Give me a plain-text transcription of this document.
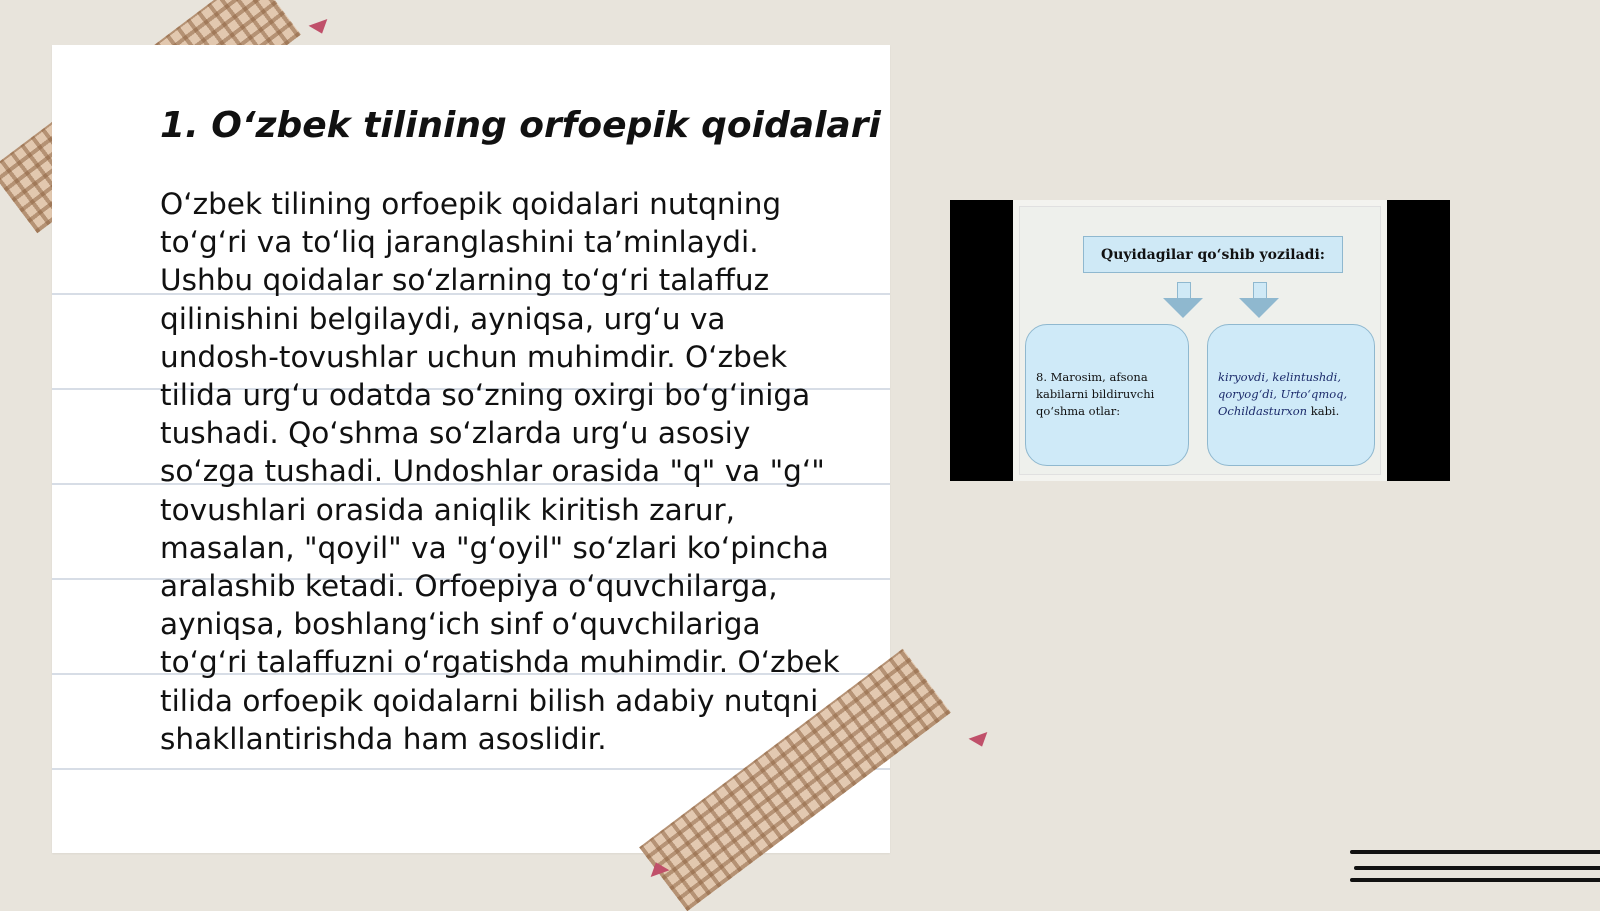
1. O‘zbek tilining orfoepik qoidalari
O‘zbek tilining orfoepik qoidalari nutqning
to‘g‘ri va to‘liq jaranglashini ta’minlaydi.
Ushbu qoidalar so‘zlarning to‘g‘ri talaffuz
qilinishini belgilaydi, ayniqsa, urg‘u va
undosh-tovushlar uchun muhimdir. O‘zbek
tilida urg‘u odatda so‘zning oxirgi bo‘g‘iniga
tushadi. Qo‘shma so‘zlarda urg‘u asosiy
so‘zga tushadi. Undoshlar orasida "q" va "g‘"
tovushlari orasida aniqlik kiritish zarur,
masalan, "qoyil" va "g‘oyil" so‘zlari ko‘pincha
aralashib ketadi. Orfoepiya o‘quvchilarga,
ayniqsa, boshlang‘ich sinf o‘quvchilariga
to‘g‘ri talaffuzni o‘rgatishda muhimdir. O‘zbek
tilida orfoepik qoidalarni bilish adabiy nutqni
shakllantirishda ham asoslidir.
Quyidagilar qo‘shib yoziladi:
8. Marosim, afsona
kabilarni bildiruvchi
qo‘shma otlar:
kiryovdi, kelintushdi,
qoryog‘di, Urto‘qmoq,
Ochildasturxon kabi.
